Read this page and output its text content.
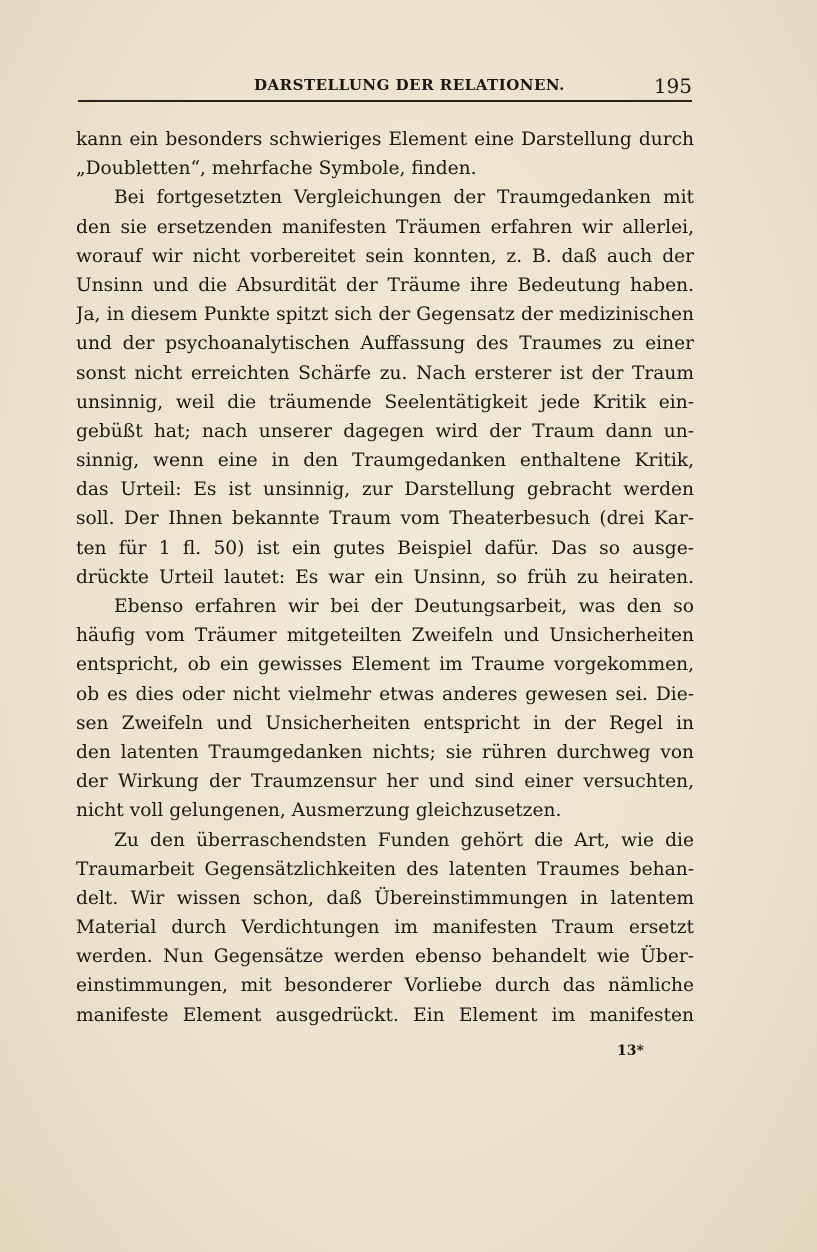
DARSTELLUNG DER RELATIONEN.	195
kann ein besonders schwieriges Element eine Darstellung durch
„Doubletten“, mehrfache Symbole, finden.
Bei fortgesetzten Vergleichungen der Traumgedanken mit
den sie ersetzenden manifesten Träumen erfahren wir allerlei,
worauf wir nicht vorbereitet sein konnten, z. B. daß auch der
Unsinn und die Absurdität der Träume ihre Bedeutung haben.
Ja, in diesem Punkte spitzt sich der Gegensatz der medizinischen
und der psychoanalytischen Auffassung des Traumes zu einer
sonst nicht erreichten Schärfe zu. Nach ersterer ist der Traum
unsinnig, weil die träumende Seelentätigkeit jede Kritik ein-
gebüßt hat; nach unserer dagegen wird der Traum dann un-
sinnig, wenn eine in den Traumgedanken enthaltene Kritik,
das Urteil: Es ist unsinnig, zur Darstellung gebracht werden
soll. Der Ihnen bekannte Traum vom Theaterbesuch (drei Kar-
ten für 1 fl. 50) ist ein gutes Beispiel dafür. Das so ausge-
drückte Urteil lautet: Es war ein Unsinn, so früh zu heiraten.
Ebenso erfahren wir bei der Deutungsarbeit, was den so
häufig vom Träumer mitgeteilten Zweifeln und Unsicherheiten
entspricht, ob ein gewisses Element im Traume vorgekommen,
ob es dies oder nicht vielmehr etwas anderes gewesen sei. Die-
sen Zweifeln und Unsicherheiten entspricht in der Regel in
den latenten Traumgedanken nichts; sie rühren durchweg von
der Wirkung der Traumzensur her und sind einer versuchten,
nicht voll gelungenen, Ausmerzung gleichzusetzen.
Zu den überraschendsten Funden gehört die Art, wie die
Traumarbeit Gegensätzlichkeiten des latenten Traumes behan-
delt. Wir wissen schon, daß Übereinstimmungen in latentem
Material durch Verdichtungen im manifesten Traum ersetzt
werden. Nun Gegensätze werden ebenso behandelt wie Über-
einstimmungen, mit besonderer Vorliebe durch das nämliche
manifeste Element ausgedrückt. Ein Element im manifesten
13*
